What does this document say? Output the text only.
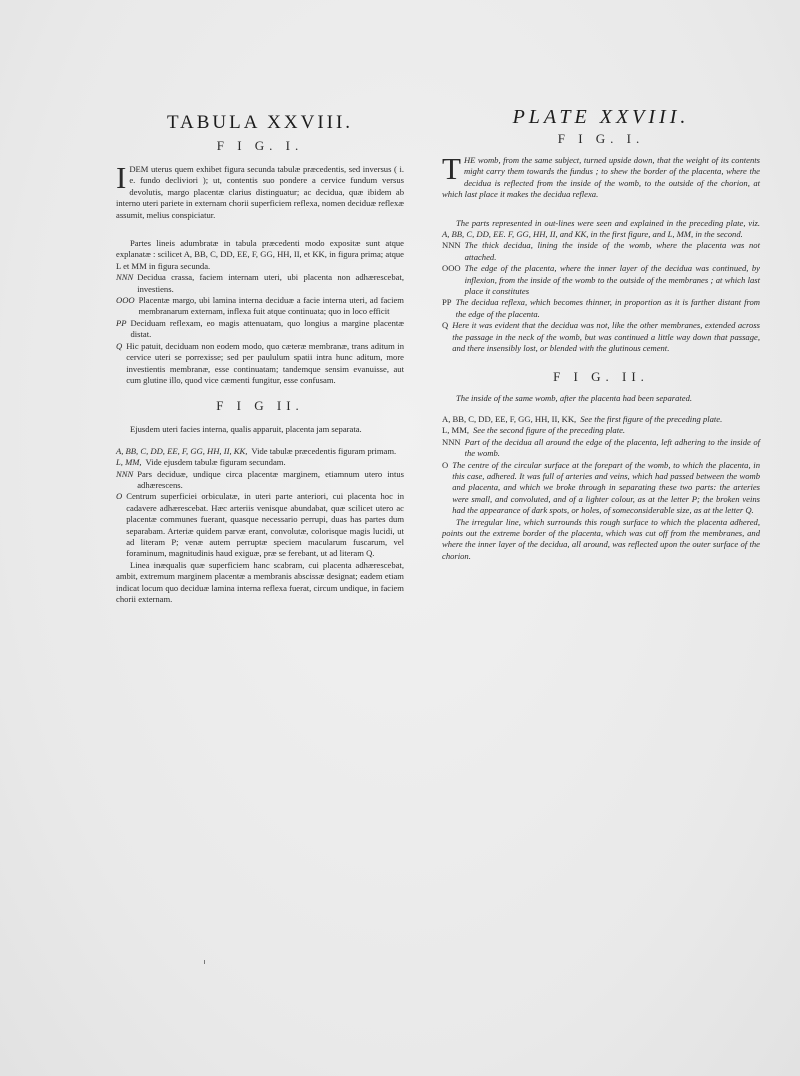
TABULA XXVIII.
F I G. I.
I DEM uterus quem exhibet figura secunda tabulæ præcedentis, sed inversus ( i. e. fundo decliviori ); ut, contentis suo pondere a cervice fundum versus devolutis, margo placentæ clarius distinguatur; ac decidua, quæ ibidem ab interno uteri pariete in externam chorii superficiem reflexa, nomen deciduæ reflexæ assumit, melius conspiciatur.

Partes lineis adumbratæ in tabula præcedenti modo expositæ sunt atque explanatæ : scilicet A, BB, C, DD, EE, F, GG, HH, II, et KK, in figura prima; atque L et MM in figura secunda.

NNN Decidua crassa, faciem internam uteri, ubi placenta non adhærescebat, investiens.
OOO Placentæ margo, ubi lamina interna deciduæ a facie interna uteri, ad faciem membranarum externam, inflexa fuit atque continuata; quo in loco efficit
PP Deciduam reflexam, eo magis attenuatam, quo longius a margine placentæ distat.
Q Hic patuit, deciduam non eodem modo, quo cæteræ membranæ, trans aditum in cervice uteri se porrexisse; sed per paululum spatii intra hunc aditum, more investientis membranæ, esse continuatam; tandemque sensim evanuisse, aut cum glutine illo, quod vice cæmenti fungitur, esse confusam.
F I G II.

Ejusdem uteri facies interna, qualis apparuit, placenta jam separata.

A, BB, C, DD, EE, F, GG, HH, II, KK, Vide tabulæ præcedentis figuram primam.
L, MM, Vide ejusdem tabulæ figuram secundam.
NNN Pars deciduæ, undique circa placentæ marginem, etiamnum utero intus adhærescens.
O Centrum superficiei orbiculatæ, in uteri parte anteriori, cui placenta hoc in cadavere adhærescebat. Hæc arteriis venisque abundabat, quæ scilicet utero ac placentæ communes fuerant, quasque necessario perrupi, duas has partes dum separabam. Arteriæ quidem parvæ erant, convolutæ, colorisque magis lucidi, ut ad literam P; venæ autem perruptæ speciem macularum fuscarum, vel foraminum, magnitudinis haud exiguæ, præ se ferebant, ut ad literam Q.

Linea inæqualis quæ superficiem hanc scabram, cui placenta adhærescebat, ambit, extremum marginem placentæ a membranis abscissæ designat; eadem etiam indicat locum quo deciduæ lamina interna reflexa fuerat, circum undique, in faciem chorii externam.

PLATE XXVIII.
F I G. I.
T HE womb, from the same subject, turned upside down, that the weight of its contents might carry them towards the fundus ; to shew the border of the placenta, where the decidua is reflected from the inside of the womb, to the outside of the chorion, at which last place it makes the decidua reflexa.

The parts represented in out-lines were seen and explained in the preceding plate, viz. A, BB, C, DD, EE. F, GG, HH, II, and KK, in the first figure, and L, MM, in the second.

NNN The thick decidua, lining the inside of the womb, where the placenta was not attached.
OOO The edge of the placenta, where the inner layer of the decidua was continued, by inflexion, from the inside of the womb to the outside of the membranes ; at which last place it constitutes
PP The decidua reflexa, which becomes thinner, in proportion as it is farther distant from the edge of the placenta.
Q Here it was evident that the decidua was not, like the other membranes, extended across the passage in the neck of the womb, but was continued a little way down that passage, and there insensibly lost, or blended with the glutinous cement.
F I G. II.

The inside of the same womb, after the placenta had been separated.

A, BB, C, DD, EE, F, GG, HH, II, KK, See the first figure of the preceding plate.
L, MM, See the second figure of the preceding plate.
NNN Part of the decidua all around the edge of the placenta, left adhering to the inside of the womb.
O The centre of the circular surface at the forepart of the womb, to which the placenta, in this case, adhered. It was full of arteries and veins, which had passed between the womb and placenta, and which we broke through in separating these two parts: the arteries were small, and convoluted, and of a lighter colour, as at the letter P; the broken veins had the appearance of dark spots, or holes, of someconsiderable size, as at the letter Q.

The irregular line, which surrounds this rough surface to which the placenta adhered, points out the extreme border of the placenta, which was cut off from the membranes, and where the inner layer of the decidua, all around, was reflected upon the outer surface of the chorion.
